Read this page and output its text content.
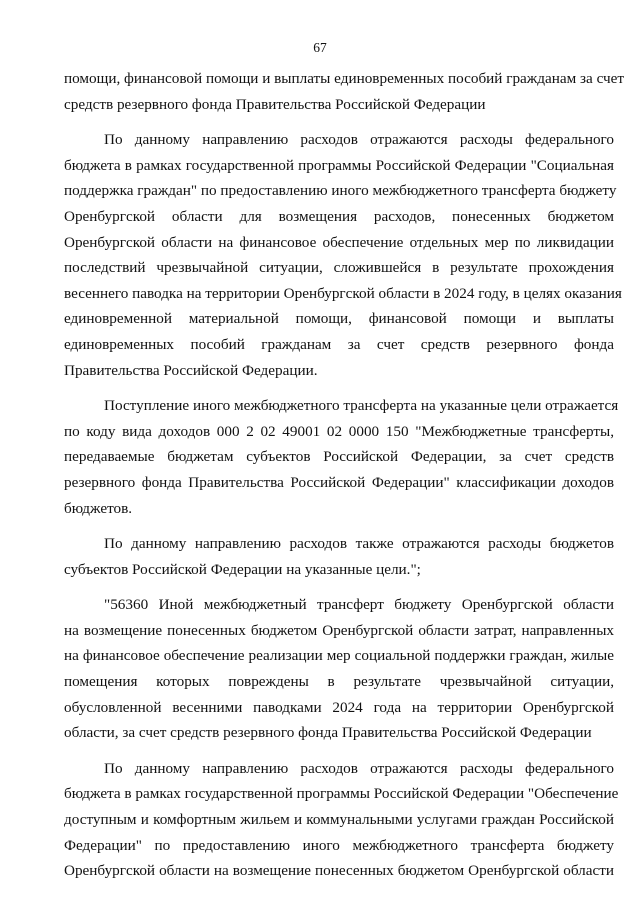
67

помощи, финансовой помощи и выплаты единовременных пособий гражданам за счет
средств резервного фонда Правительства Российской Федерации

По данному направлению расходов отражаются расходы федерального
бюджета в рамках государственной программы Российской Федерации "Социальная
поддержка граждан" по предоставлению иного межбюджетного трансферта бюджету
Оренбургской области для возмещения расходов, понесенных бюджетом
Оренбургской области на финансовое обеспечение отдельных мер по ликвидации
последствий чрезвычайной ситуации, сложившейся в результате прохождения
весеннего паводка на территории Оренбургской области в 2024 году, в целях оказания
единовременной материальной помощи, финансовой помощи и выплаты
единовременных пособий гражданам за счет средств резервного фонда
Правительства Российской Федерации.

Поступление иного межбюджетного трансферта на указанные цели отражается
по коду вида доходов 000 2 02 49001 02 0000 150 "Межбюджетные трансферты,
передаваемые бюджетам субъектов Российской Федерации, за счет средств
резервного фонда Правительства Российской Федерации" классификации доходов
бюджетов.

По данному направлению расходов также отражаются расходы бюджетов
субъектов Российской Федерации на указанные цели.";

"56360 Иной межбюджетный трансферт бюджету Оренбургской области
на возмещение понесенных бюджетом Оренбургской области затрат, направленных
на финансовое обеспечение реализации мер социальной поддержки граждан, жилые
помещения которых повреждены в результате чрезвычайной ситуации,
обусловленной весенними паводками 2024 года на территории Оренбургской
области, за счет средств резервного фонда Правительства Российской Федерации

По данному направлению расходов отражаются расходы федерального
бюджета в рамках государственной программы Российской Федерации "Обеспечение
доступным и комфортным жильем и коммунальными услугами граждан Российской
Федерации" по предоставлению иного межбюджетного трансферта бюджету
Оренбургской области на возмещение понесенных бюджетом Оренбургской области
